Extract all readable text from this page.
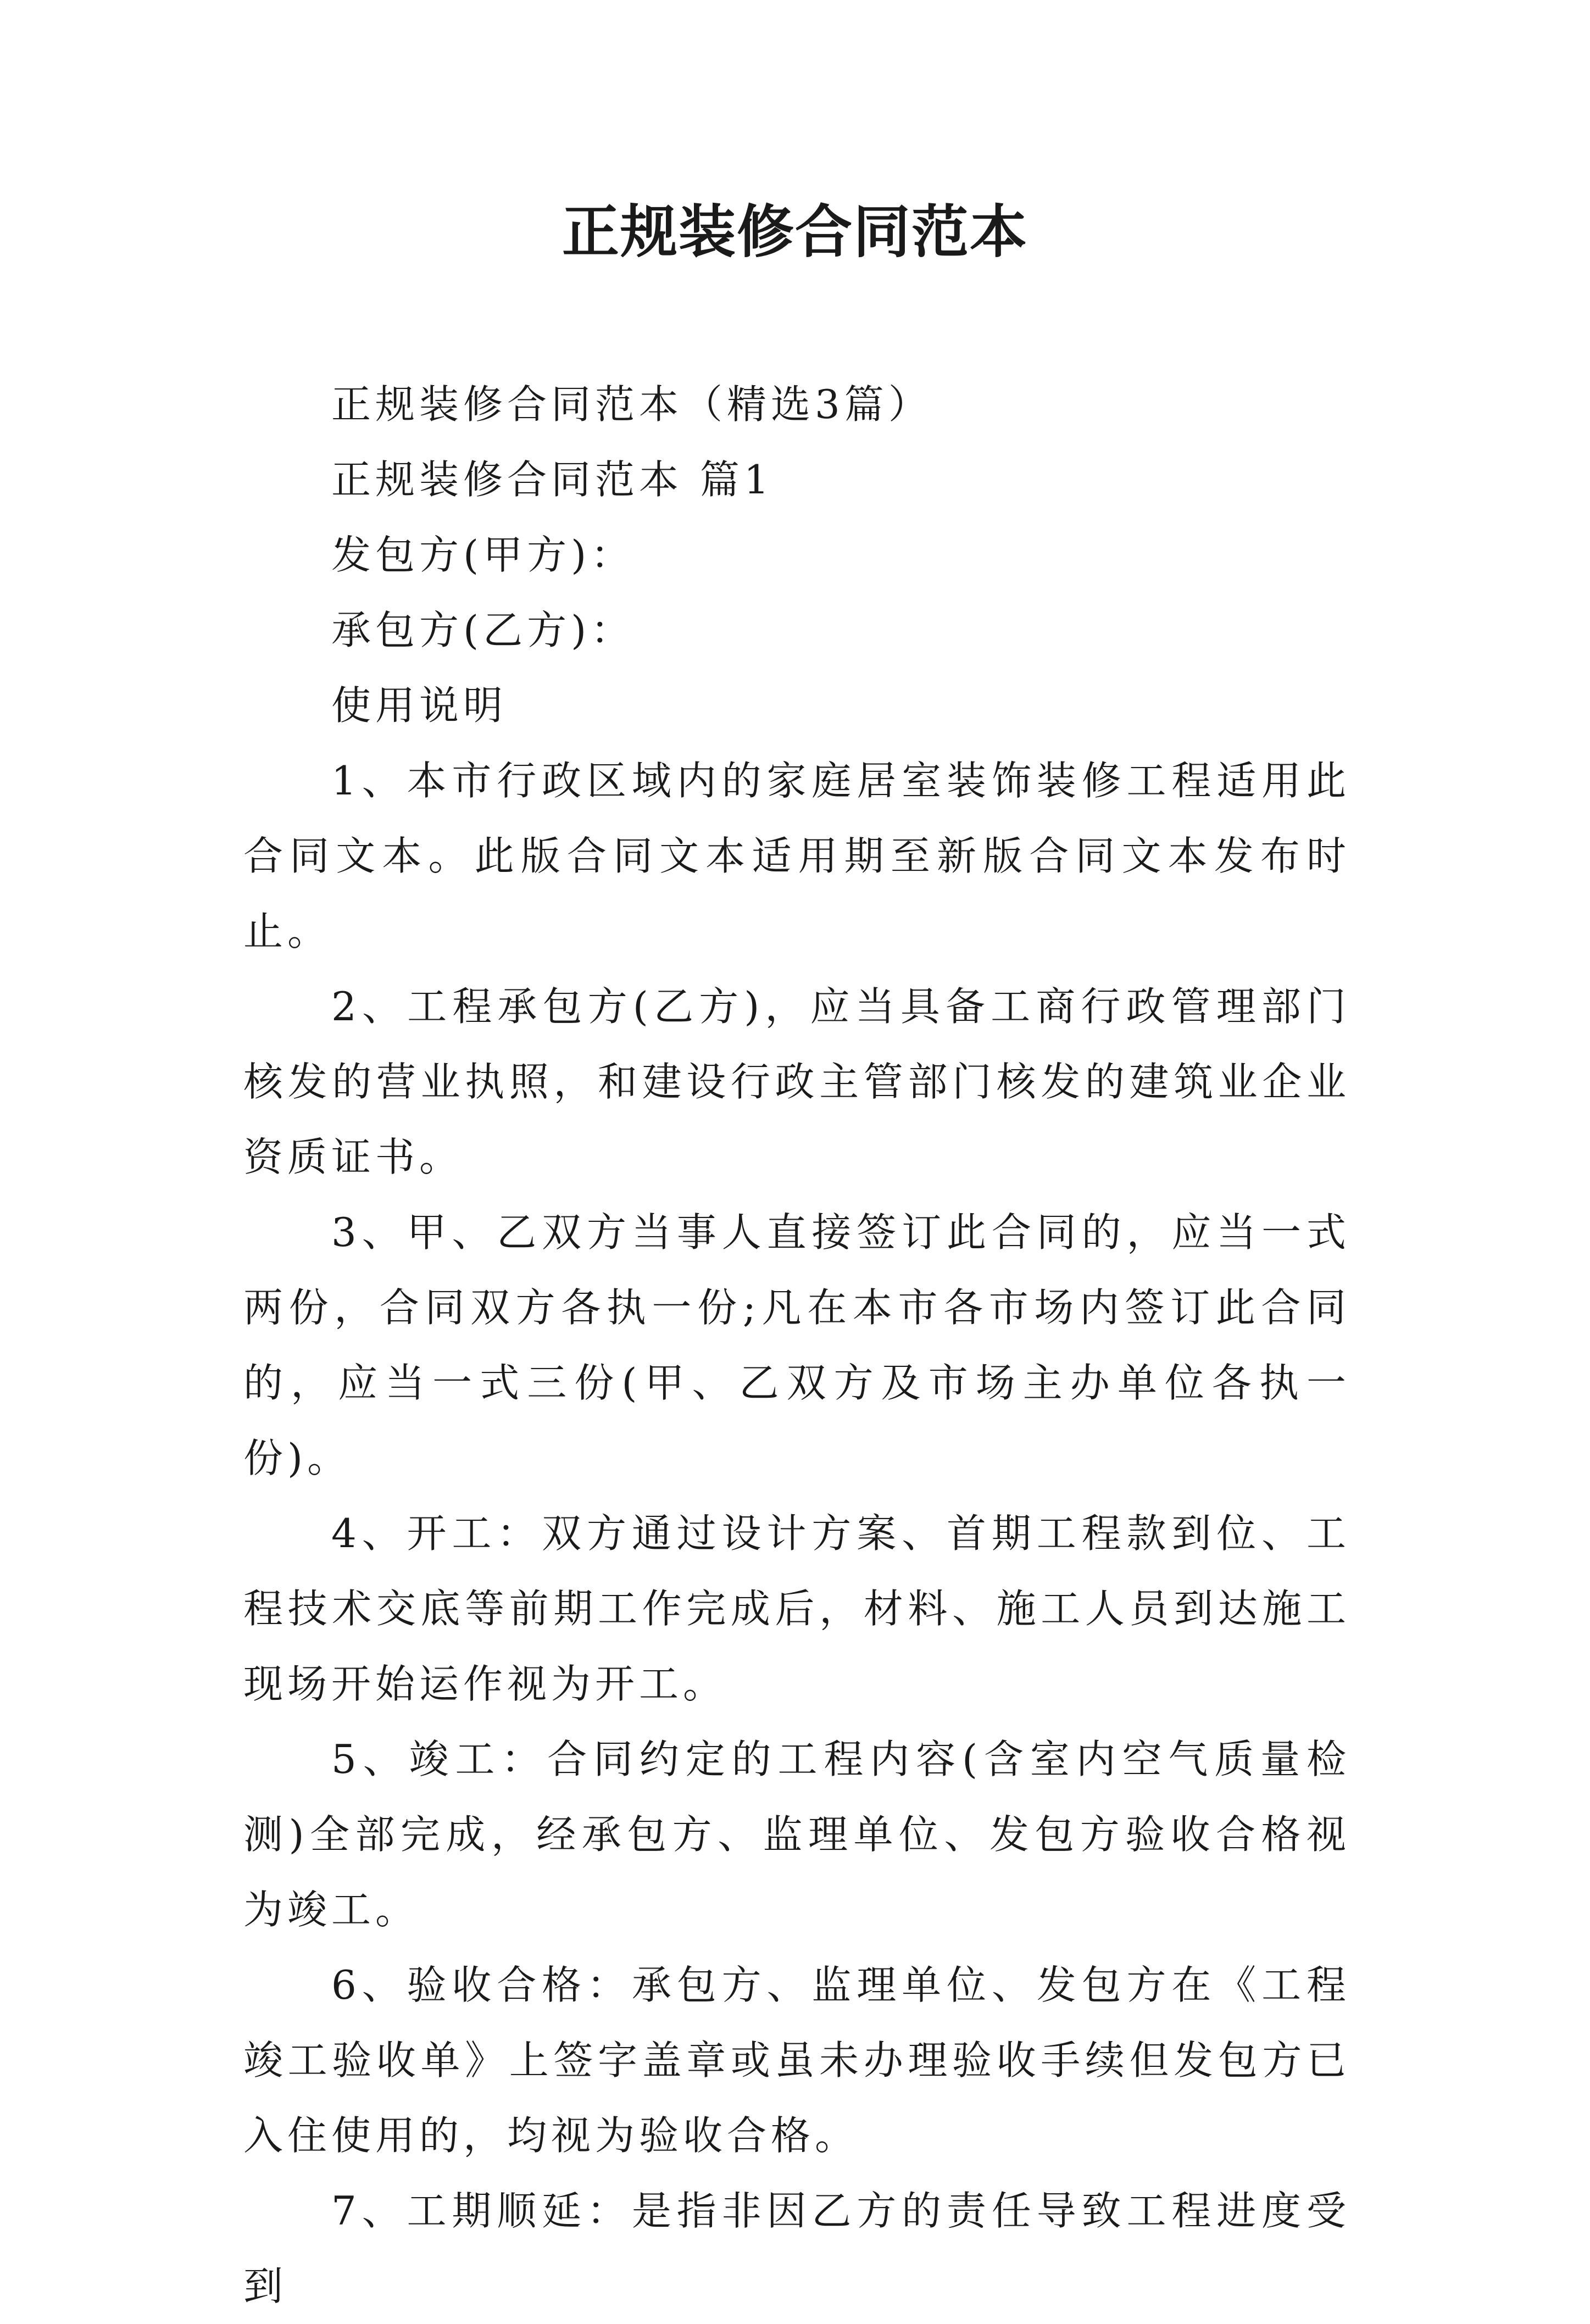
正规装修合同范本

正规装修合同范本（精选3篇）

正规装修合同范本 篇1

发包方(甲方)：

承包方(乙方)：

使用说明

1、本市行政区域内的家庭居室装饰装修工程适用此合同文本。此版合同文本适用期至新版合同文本发布时止。

2、工程承包方(乙方)，应当具备工商行政管理部门核发的营业执照，和建设行政主管部门核发的建筑业企业资质证书。

3、甲、乙双方当事人直接签订此合同的，应当一式两份，合同双方各执一份;凡在本市各市场内签订此合同的，应当一式三份(甲、乙双方及市场主办单位各执一份)。

4、开工：双方通过设计方案、首期工程款到位、工程技术交底等前期工作完成后，材料、施工人员到达施工现场开始运作视为开工。

5、竣工：合同约定的工程内容(含室内空气质量检测)全部完成，经承包方、监理单位、发包方验收合格视为竣工。

6、验收合格：承包方、监理单位、发包方在《工程竣工验收单》上签字盖章或虽未办理验收手续但发包方已入住使用的，均视为验收合格。

7、工期顺延：是指非因乙方的责任导致工程进度受到
